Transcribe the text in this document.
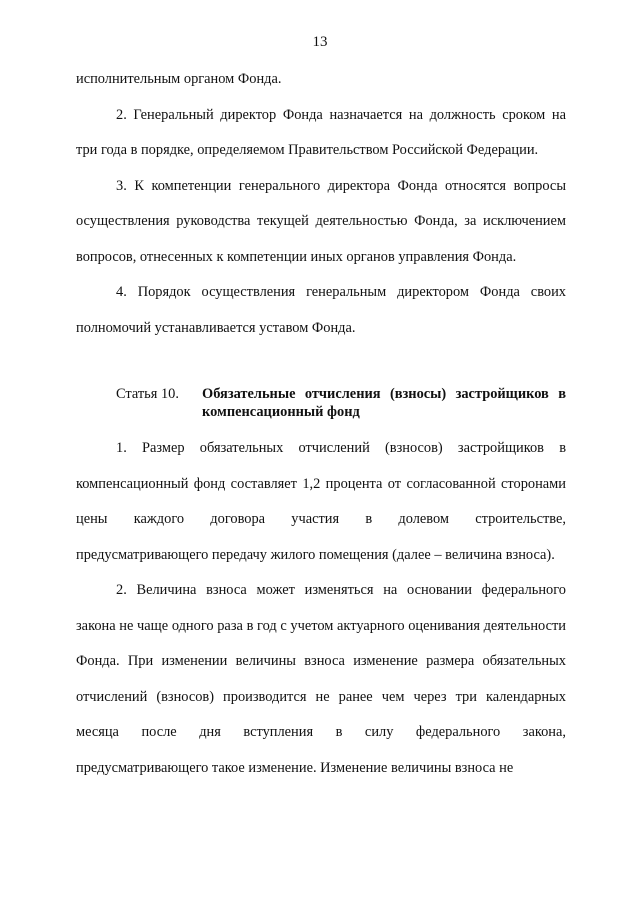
13

исполнительным органом Фонда.

2. Генеральный директор Фонда назначается на должность сроком на три года в порядке, определяемом Правительством Российской Федерации.

3. К компетенции генерального директора Фонда относятся вопросы осуществления руководства текущей деятельностью Фонда, за исключением вопросов, отнесенных к компетенции иных органов управления Фонда.

4. Порядок осуществления генеральным директором Фонда своих полномочий устанавливается уставом Фонда.

Статья 10.	Обязательные отчисления (взносы) застройщиков в компенсационный фонд

1. Размер обязательных отчислений (взносов) застройщиков в компенсационный фонд составляет 1,2 процента от согласованной сторонами цены каждого договора участия в долевом строительстве, предусматривающего передачу жилого помещения (далее – величина взноса).

2. Величина взноса может изменяться на основании федерального закона не чаще одного раза в год с учетом актуарного оценивания деятельности Фонда. При изменении величины взноса изменение размера обязательных отчислений (взносов) производится не ранее чем через три календарных месяца после дня вступления в силу федерального закона, предусматривающего такое изменение. Изменение величины взноса не
